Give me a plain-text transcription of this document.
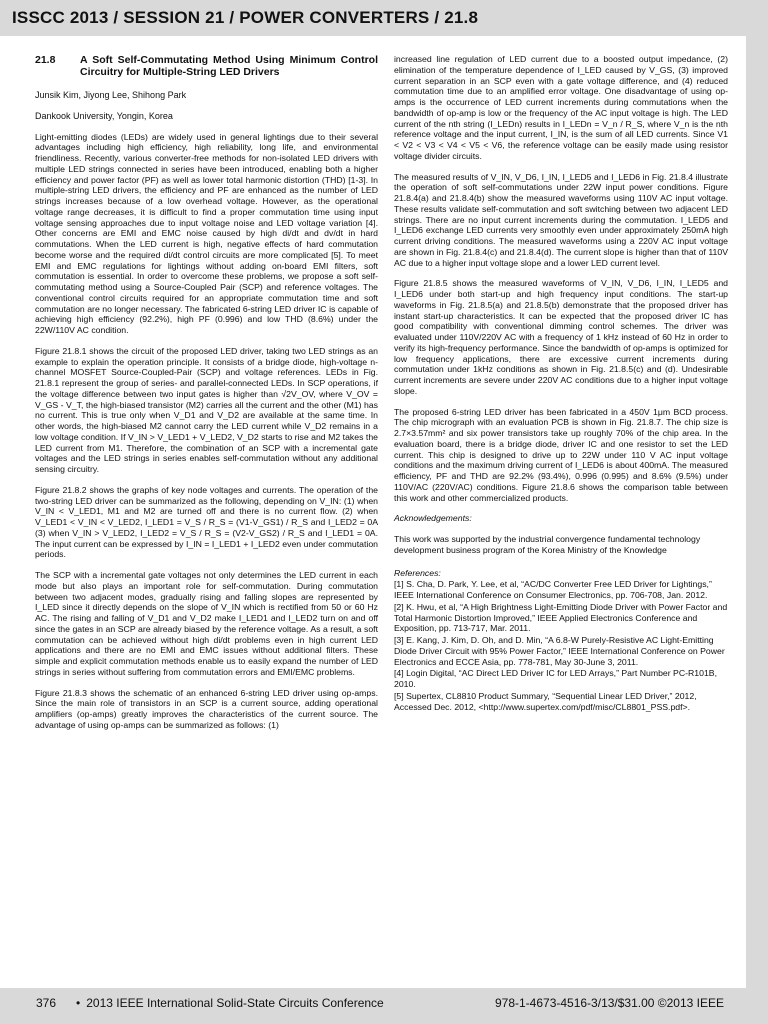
ISSCC 2013 / SESSION 21 / POWER CONVERTERS / 21.8
21.8	A Soft Self-Commutating Method Using Minimum Control Circuitry for Multiple-String LED Drivers

Junsik Kim, Jiyong Lee, Shihong Park

Dankook University, Yongin, Korea

Light-emitting diodes (LEDs) are widely used in general lightings due to their several advantages including high efficiency, high reliability, long life, and environmental friendliness. Recently, various converter-free methods for non-isolated LED drivers with multiple LED strings connected in series have been introduced, enabling both a higher efficiency and power factor (PF) as well as lower total harmonic distortion (THD) [1-3]. In multiple-string LED drivers, the efficiency and PF are enhanced as the number of LED strings increases because of a low overhead voltage. However, as the operational voltage range decreases, it is difficult to find a proper commutation time using input voltage sensing approaches due to input voltage noise and LED voltage variation [4]. Other concerns are EMI and EMC noise caused by high di/dt and dv/dt in hard commutations. When the LED current is high, negative effects of hard commutation become worse and the required di/dt control circuits are more complicated [5]. To meet EMI and EMC regulations for lightings without adding on-board EMI filters, soft commutation is essential. In order to overcome these problems, we propose a soft self-commutating method using a Source-Coupled Pair (SCP) and reference voltages. The conventional control circuits required for an appropriate commutation time and soft commutation are no longer necessary. The fabricated 6-string LED driver IC is capable of achieving high efficiency (92.2%), high PF (0.996) and low THD (8.6%) under the 22W/110V AC condition.

Figure 21.8.1 shows the circuit of the proposed LED driver, taking two LED strings as an example to explain the operation principle. It consists of a bridge diode, high-voltage n-channel MOSFET Source-Coupled-Pair (SCP) and voltage references. LEDs in Fig. 21.8.1 represent the group of series- and parallel-connected LEDs. In SCP operations, if the voltage difference between two input gates is higher than √2V_OV, where V_OV = V_GS - V_T, the high-biased transistor (M2) carries all the current and the other (M1) has no current. This is true only when V_D1 and V_D2 are available at the same time. In other words, the high-biased M2 cannot carry the LED current while V_D2 remains in a low voltage condition. If V_IN > V_LED1 + V_LED2, V_D2 starts to rise and M2 takes the LED current from M1. Therefore, the combination of an SCP with a incremental gate voltages and the LED strings in series enables self-commutation without any additional sensing circuitry.

Figure 21.8.2 shows the graphs of key node voltages and currents. The operation of the two-string LED driver can be summarized as the following, depending on V_IN: (1) when V_IN < V_LED1, M1 and M2 are turned off and there is no current flow. (2) when V_LED1 < V_IN < V_LED2, I_LED1 = V_S / R_S = (V1-V_GS1) / R_S and I_LED2 = 0A (3) when V_IN > V_LED2, I_LED2 = V_S / R_S = (V2-V_GS2) / R_S and I_LED1 = 0A. The input current can be expressed by I_IN = I_LED1 + I_LED2 even under commutation periods.

The SCP with a incremental gate voltages not only determines the LED current in each mode but also plays an important role for self-commutation. During commutation between two adjacent modes, gradually rising and falling slopes are represented by I_LED since it directly depends on the slope of V_IN which is rectified from 50 or 60 Hz AC. The rising and falling of V_D1 and V_D2 make I_LED1 and I_LED2 turn on and off since the gates in an SCP are already biased by the reference voltage. As a result, a soft commutation can be achieved without high di/dt problems even in high current LED applications and there are no EMI and EMC issues without additional filters. These simple and explicit commutation methods enable us to easily expand the number of LED strings in series without suffering from commutation errors and EMI/EMC problems.

Figure 21.8.3 shows the schematic of an enhanced 6-string LED driver using op-amps. Since the main role of transistors in an SCP is a current source, adding operational amplifiers (op-amps) greatly improves the characteristics of the current source. The advantage of using op-amps can be summarized as follows: (1)

increased line regulation of LED current due to a boosted output impedance, (2) elimination of the temperature dependence of I_LED caused by V_GS, (3) improved current separation in an SCP even with a gate voltage difference, and (4) reduced commutation time due to an amplified error voltage. One disadvantage of using op-amps is the occurrence of LED current increments during commutations when the bandwidth of op-amp is low or the frequency of the AC input voltage is high. The LED current of the nth string (I_LEDn) results in I_LEDn = V_n / R_S, where V_n is the nth reference voltage and the input current, I_IN, is the sum of all LED currents. Since V1 < V2 < V3 < V4 < V5 < V6, the reference voltage can be easily made using resistor voltage divider circuits.

The measured results of V_IN, V_D6, I_IN, I_LED5 and I_LED6 in Fig. 21.8.4 illustrate the operation of soft self-commutations under 22W input power conditions. Figure 21.8.4(a) and 21.8.4(b) show the measured waveforms using 110V AC input voltage. These results validate self-commutation and soft switching between two adjacent LED strings. There are no input current increments during the commutation. I_LED5 and I_LED6 exchange LED currents very smoothly even under approximately 250mA high current driving conditions. The measured waveforms using a 220V AC input voltage are shown in Fig. 21.8.4(c) and 21.8.4(d). The current slope is higher than that of 110V AC due to a higher input voltage slope and a lower LED current level.

Figure 21.8.5 shows the measured waveforms of V_IN, V_D6, I_IN, I_LED5 and I_LED6 under both start-up and high frequency input conditions. The start-up waveforms in Fig. 21.8.5(a) and 21.8.5(b) demonstrate that the proposed driver has instant start-up characteristics. It can be expected that the proposed driver IC has good compatibility with conventional dimming control schemes. The driver was evaluated under 110V/220V AC with a frequency of 1 kHz instead of 60 Hz in order to verify its high-frequency performance. Since the bandwidth of op-amps is optimized for low frequency applications, there are excessive current increments during commutation under 1kHz conditions as shown in Fig. 21.8.5(c) and (d). Undesirable current increments are severe under 220V AC conditions due to a higher input voltage slope.

The proposed 6-string LED driver has been fabricated in a 450V 1μm BCD process. The chip micrograph with an evaluation PCB is shown in Fig. 21.8.7. The chip size is 2.7×3.57mm² and six power transistors take up roughly 70% of the chip area. In the evaluation board, there is a bridge diode, driver IC and one resistor to set the LED current. This chip is designed to drive up to 22W under 110 V AC input voltage conditions and the maximum driving current of I_LED6 is about 400mA. The measured efficiency, PF and THD are 92.2% (93.4%), 0.996 (0.995) and 8.6% (9.5%) under 110V/AC (220V/AC) conditions. Figure 21.8.6 shows the comparison table between this work and other commercialized products.

Acknowledgements:

This work was supported by the industrial convergence fundamental technology development business program of the Korea Ministry of the Knowledge

References:

[1] S. Cha, D. Park, Y. Lee, et al, “AC/DC Converter Free LED Driver for Lightings,” IEEE International Conference on Consumer Electronics, pp. 706-708, Jan. 2012.

[2] K. Hwu, et al, “A High Brightness Light-Emitting Diode Driver with Power Factor and Total Harmonic Distortion Improved,” IEEE Applied Electronics Conference and Exposition, pp. 713-717, Mar. 2011.

[3] E. Kang, J. Kim, D. Oh, and D. Min, “A 6.8-W Purely-Resistive AC Light-Emitting Diode Driver Circuit with 95% Power Factor,” IEEE International Conference on Power Electronics and ECCE Asia, pp. 778-781, May 30-June 3, 2011.

[4] Login Digital, “AC Direct LED Driver IC for LED Arrays,” Part Number PC-R101B, 2010.

[5] Supertex, CL8810 Product Summary, “Sequential Linear LED Driver,” 2012, Accessed Dec. 2012, <http://www.supertex.com/pdf/misc/CL8801_PSS.pdf>.

376 • 2013 IEEE International Solid-State Circuits Conference	978-1-4673-4516-3/13/$31.00 ©2013 IEEE
